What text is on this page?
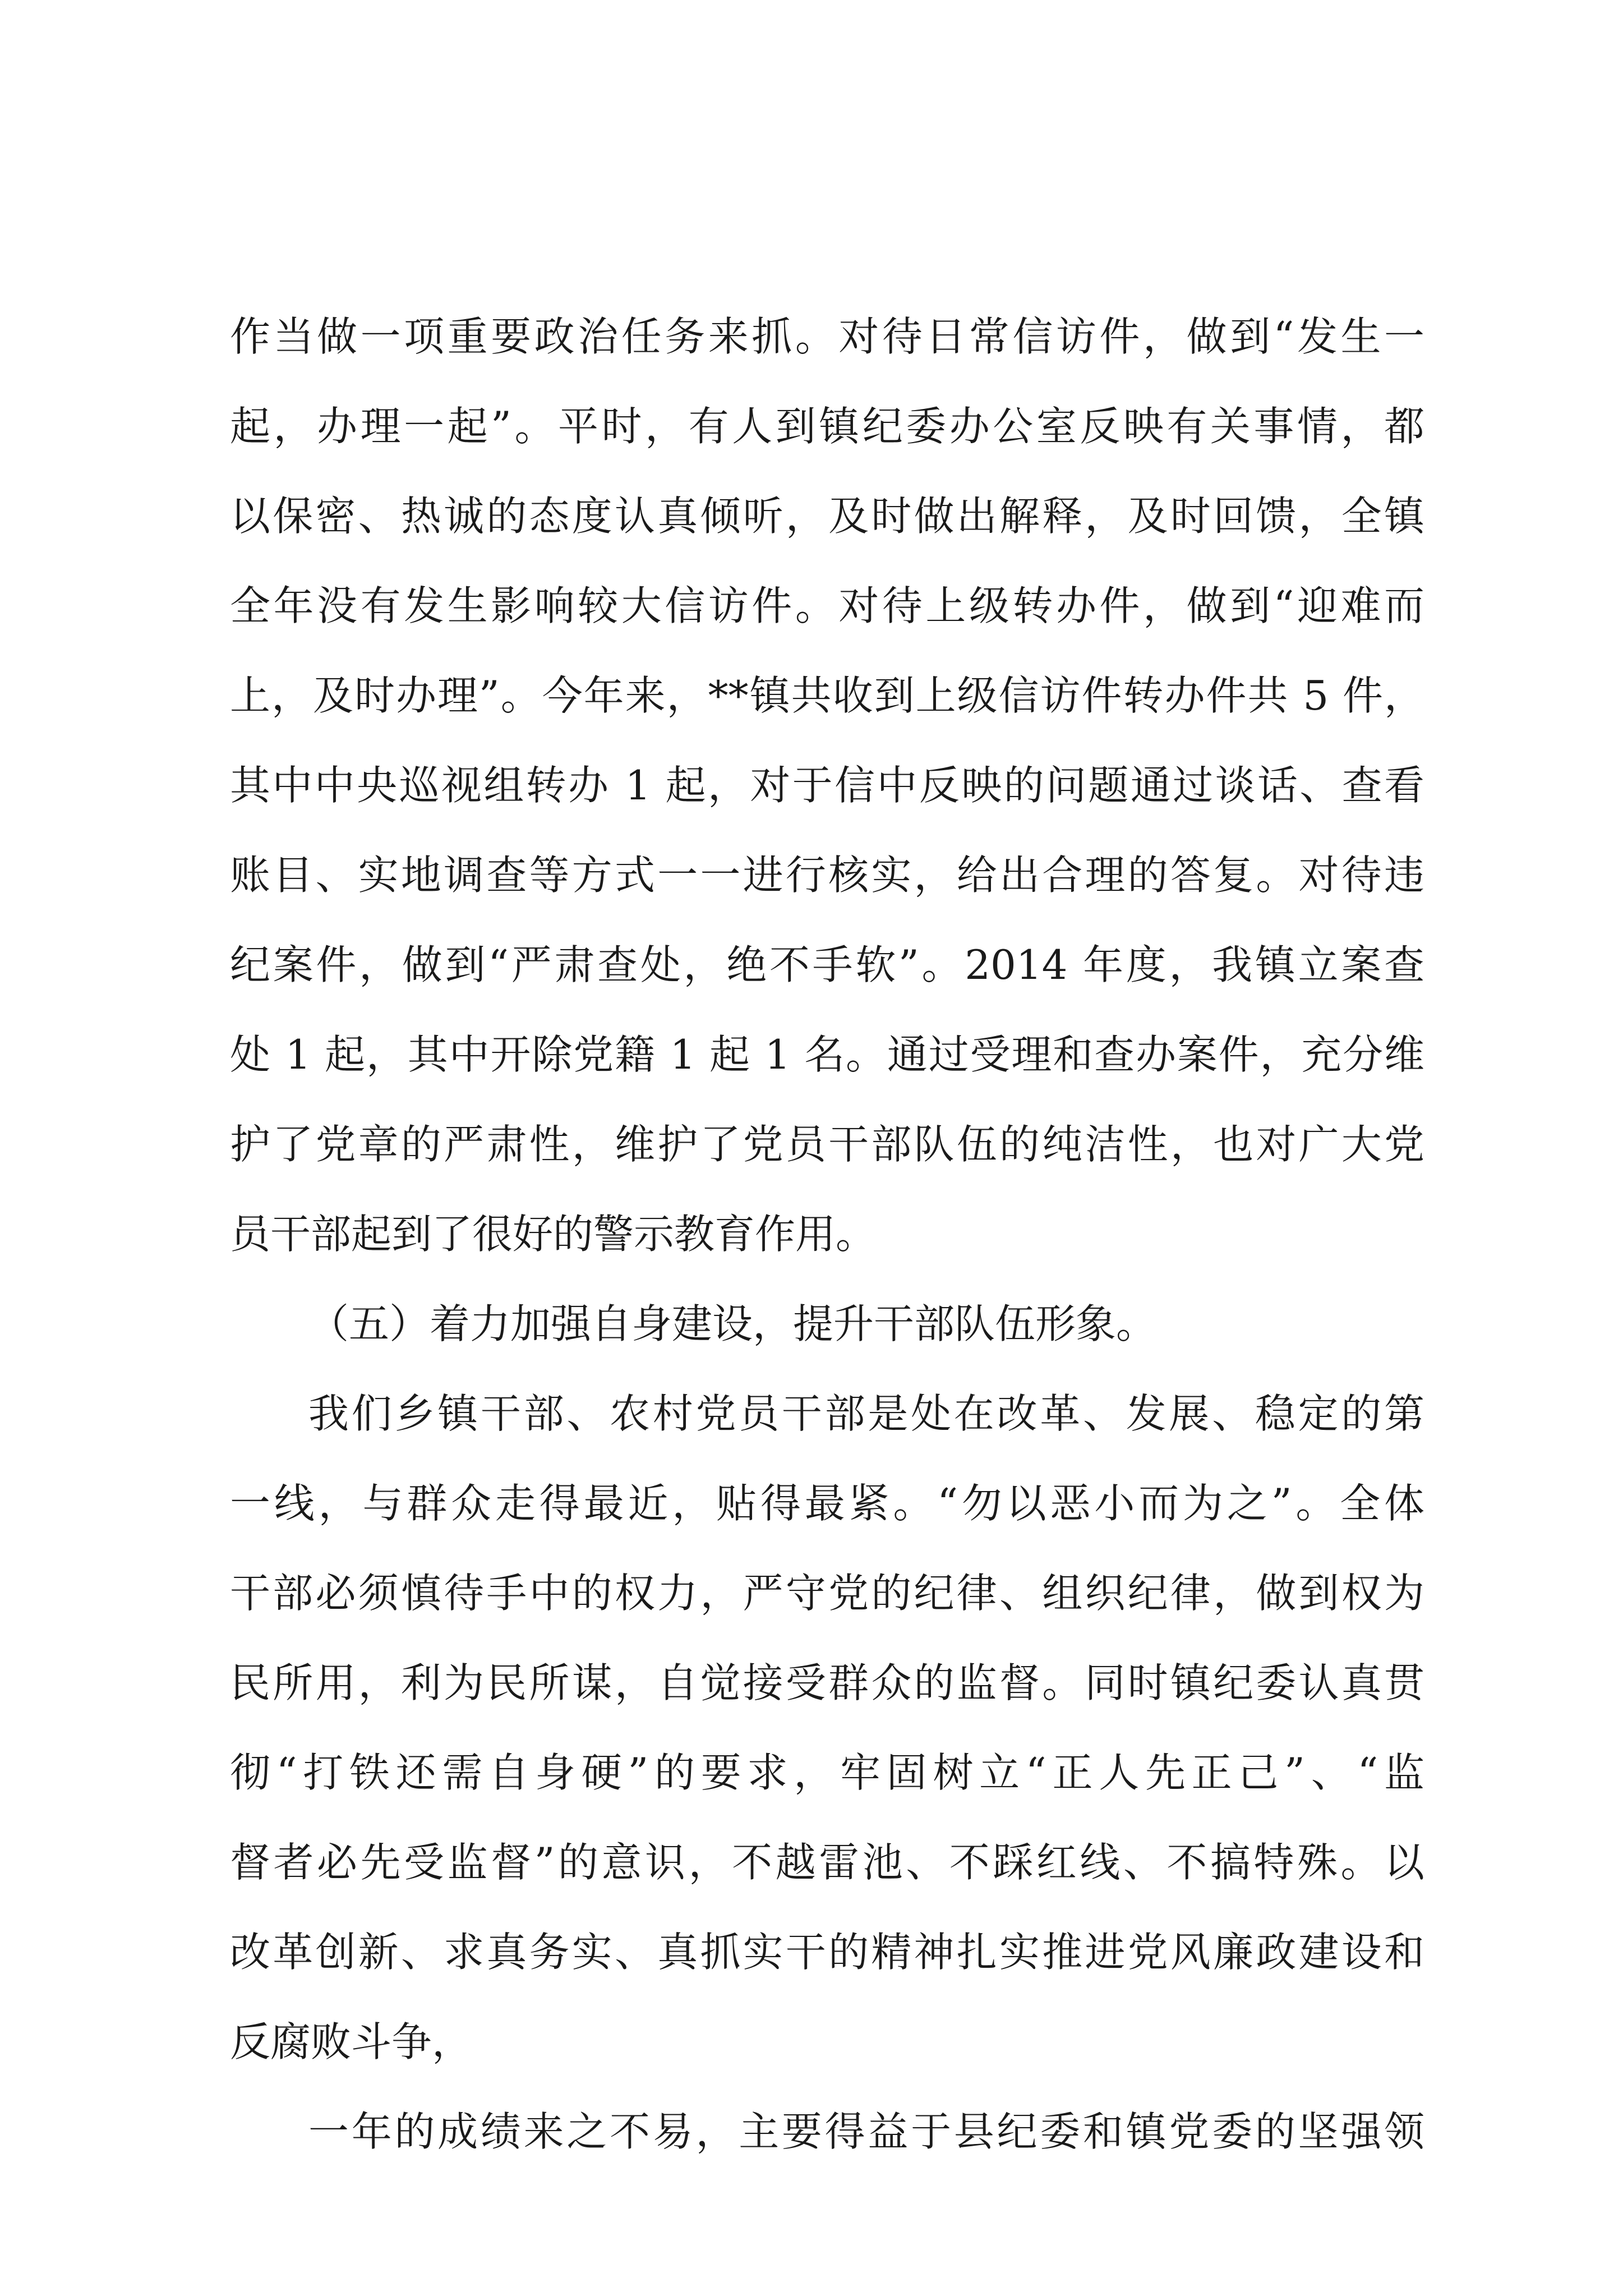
作当做一项重要政治任务来抓。对待日常信访件，做到“发生一
起，办理一起”。平时，有人到镇纪委办公室反映有关事情，都
以保密、热诚的态度认真倾听，及时做出解释，及时回馈，全镇
全年没有发生影响较大信访件。对待上级转办件，做到“迎难而
上，及时办理”。今年来，**镇共收到上级信访件转办件共 5 件，
其中中央巡视组转办 1 起，对于信中反映的问题通过谈话、查看
账目、实地调查等方式一一进行核实，给出合理的答复。对待违
纪案件，做到“严肃查处，绝不手软”。2014 年度，我镇立案查
处 1 起，其中开除党籍 1 起 1 名。通过受理和查办案件，充分维
护了党章的严肃性，维护了党员干部队伍的纯洁性，也对广大党
员干部起到了很好的警示教育作用。
（五）着力加强自身建设，提升干部队伍形象。
我们乡镇干部、农村党员干部是处在改革、发展、稳定的第
一线，与群众走得最近，贴得最紧。“勿以恶小而为之”。全体
干部必须慎待手中的权力，严守党的纪律、组织纪律，做到权为
民所用，利为民所谋，自觉接受群众的监督。同时镇纪委认真贯
彻“打铁还需自身硬”的要求，牢固树立“正人先正己”、“监
督者必先受监督”的意识，不越雷池、不踩红线、不搞特殊。以
改革创新、求真务实、真抓实干的精神扎实推进党风廉政建设和
反腐败斗争，
一年的成绩来之不易，主要得益于县纪委和镇党委的坚强领
